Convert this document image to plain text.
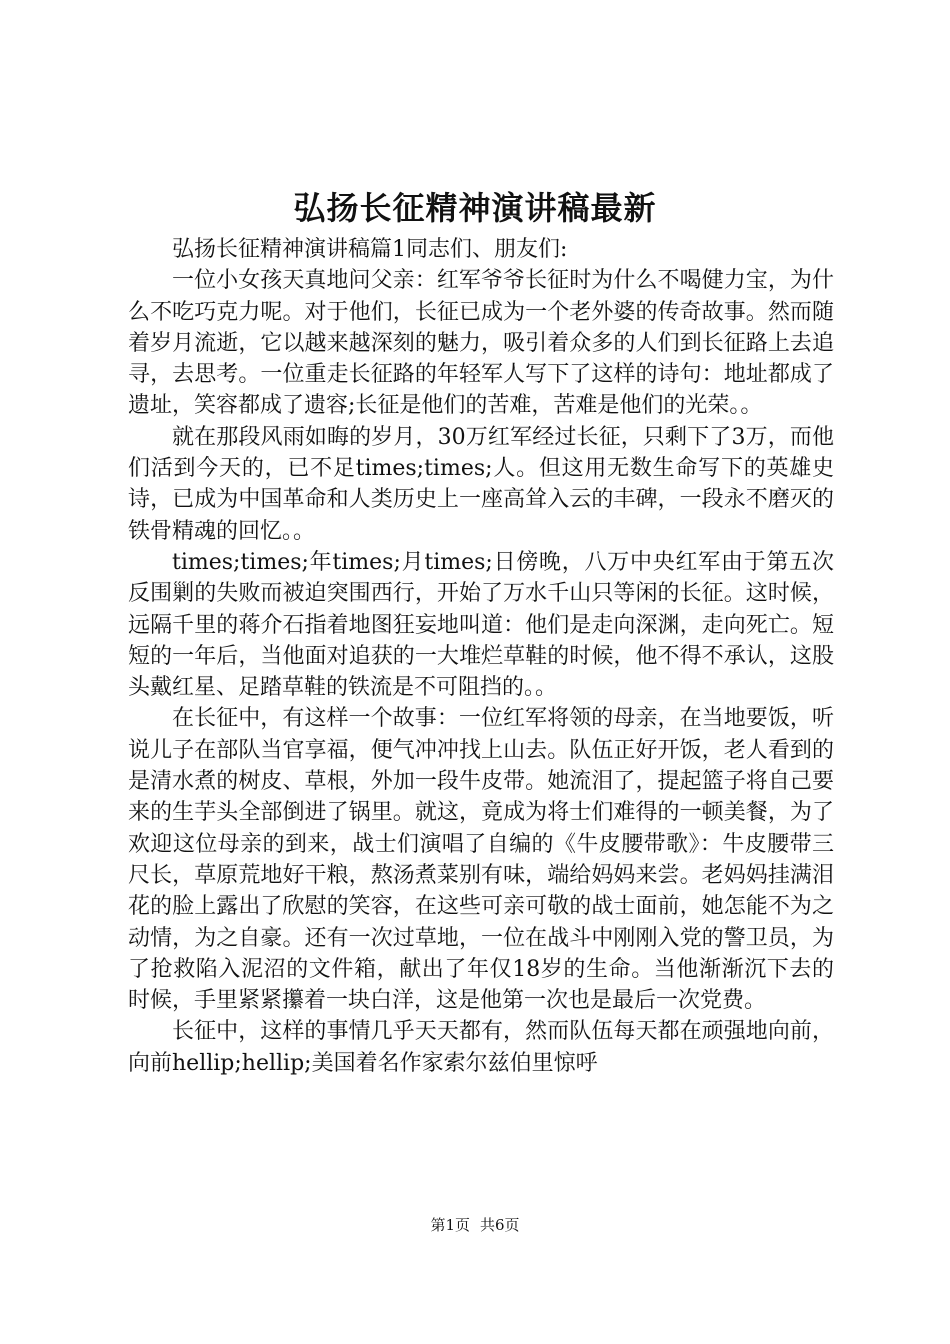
弘扬长征精神演讲稿最新

弘扬长征精神演讲稿篇1同志们、朋友们:

一位小女孩天真地问父亲：红军爷爷长征时为什么不喝健力宝，为什么不吃巧克力呢。对于他们，长征已成为一个老外婆的传奇故事。然而随着岁月流逝，它以越来越深刻的魅力，吸引着众多的人们到长征路上去追寻，去思考。一位重走长征路的年轻军人写下了这样的诗句：地址都成了遗址，笑容都成了遗容;长征是他们的苦难，苦难是他们的光荣。。

就在那段风雨如晦的岁月，30万红军经过长征，只剩下了3万，而他们活到今天的，已不足times;times;人。但这用无数生命写下的英雄史诗，已成为中国革命和人类历史上一座高耸入云的丰碑，一段永不磨灭的铁骨精魂的回忆。。

times;times;年times;月times;日傍晚，八万中央红军由于第五次反围剿的失败而被迫突围西行，开始了万水千山只等闲的长征。这时候，远隔千里的蒋介石指着地图狂妄地叫道：他们是走向深渊，走向死亡。短短的一年后，当他面对追获的一大堆烂草鞋的时候，他不得不承认，这股头戴红星、足踏草鞋的铁流是不可阻挡的。。

在长征中，有这样一个故事：一位红军将领的母亲，在当地要饭，听说儿子在部队当官享福，便气冲冲找上山去。队伍正好开饭，老人看到的是清水煮的树皮、草根，外加一段牛皮带。她流泪了，提起篮子将自己要来的生芋头全部倒进了锅里。就这，竟成为将士们难得的一顿美餐，为了欢迎这位母亲的到来，战士们演唱了自编的《牛皮腰带歌》：牛皮腰带三尺长，草原荒地好干粮，熬汤煮菜别有味，端给妈妈来尝。老妈妈挂满泪花的脸上露出了欣慰的笑容，在这些可亲可敬的战士面前，她怎能不为之动情，为之自豪。还有一次过草地，一位在战斗中刚刚入党的警卫员，为了抢救陷入泥沼的文件箱，献出了年仅18岁的生命。当他渐渐沉下去的时候，手里紧紧攥着一块白洋，这是他第一次也是最后一次党费。

长征中，这样的事情几乎天天都有，然而队伍每天都在顽强地向前，向前hellip;hellip;美国着名作家索尔兹伯里惊呼

第1页 共6页
